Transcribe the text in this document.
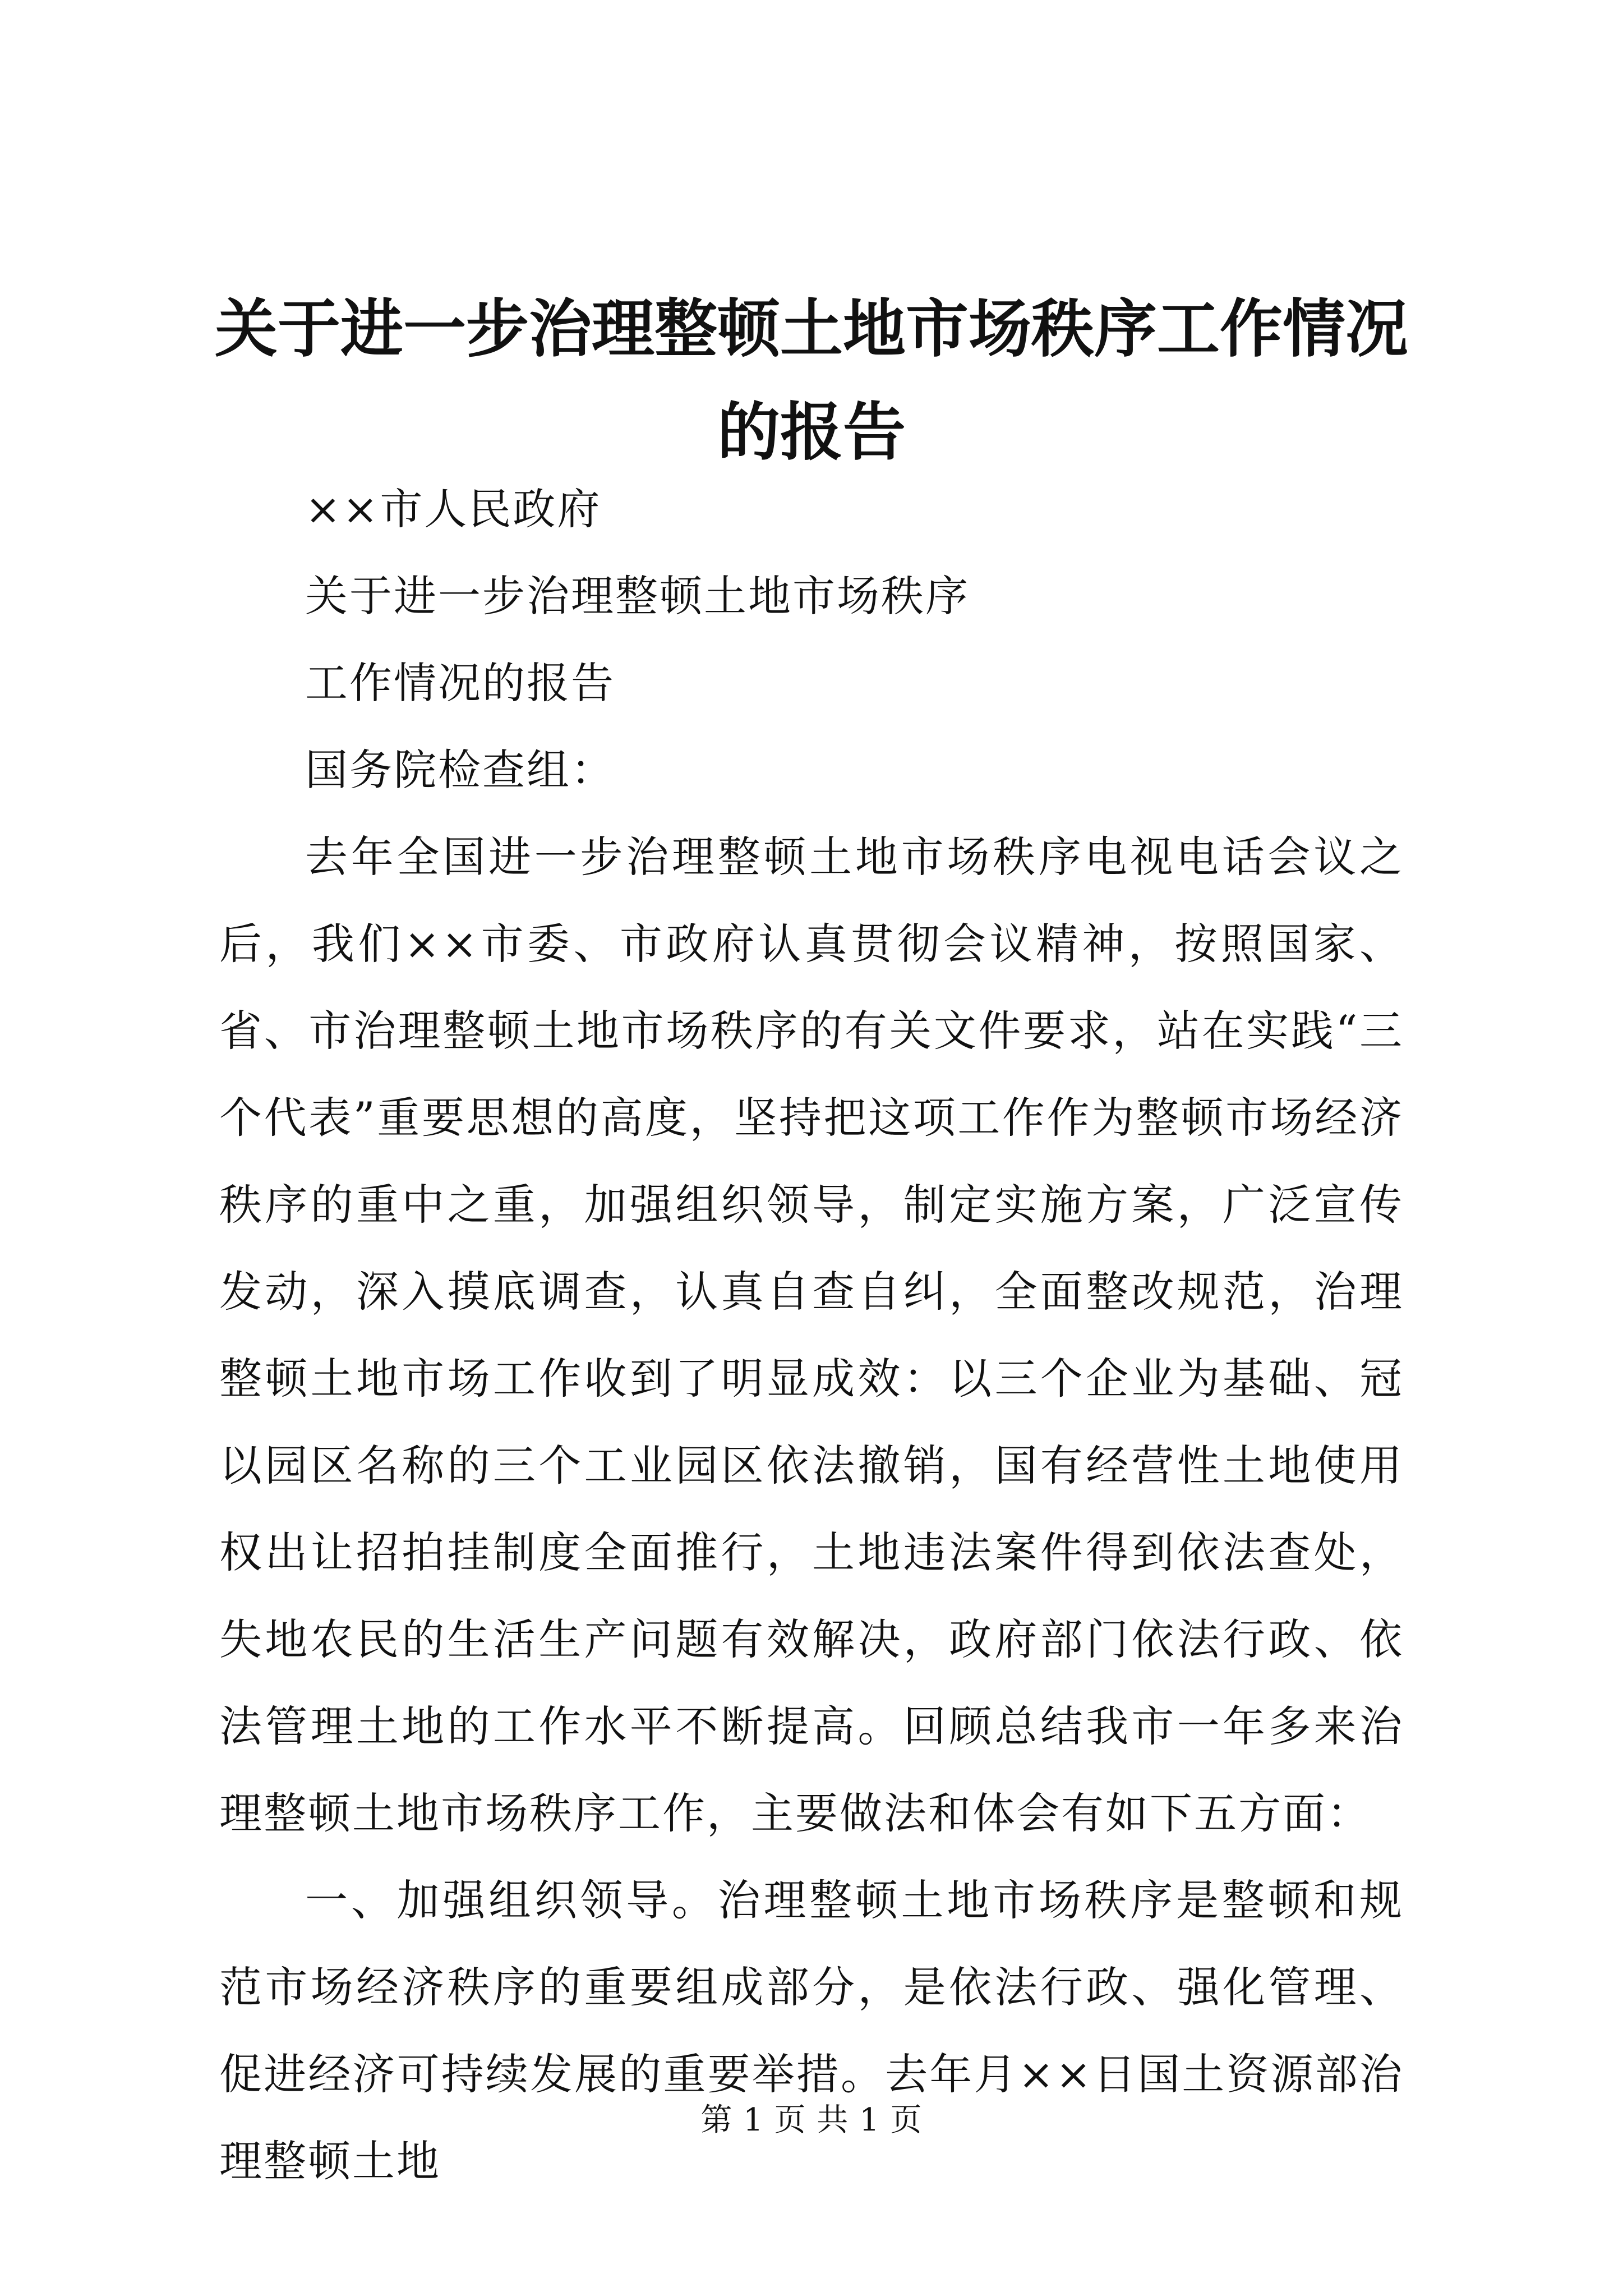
关于进一步治理整顿土地市场秩序工作情况的报告

××市人民政府

关于进一步治理整顿土地市场秩序

工作情况的报告

国务院检查组：

去年全国进一步治理整顿土地市场秩序电视电话会议之后，我们××市委、市政府认真贯彻会议精神，按照国家、省、市治理整顿土地市场秩序的有关文件要求，站在实践“三个代表”重要思想的高度，坚持把这项工作作为整顿市场经济秩序的重中之重，加强组织领导，制定实施方案，广泛宣传发动，深入摸底调查，认真自查自纠，全面整改规范，治理整顿土地市场工作收到了明显成效：以三个企业为基础、冠以园区名称的三个工业园区依法撤销，国有经营性土地使用权出让招拍挂制度全面推行，土地违法案件得到依法查处，失地农民的生活生产问题有效解决，政府部门依法行政、依法管理土地的工作水平不断提高。回顾总结我市一年多来治理整顿土地市场秩序工作，主要做法和体会有如下五方面：

一、加强组织领导。治理整顿土地市场秩序是整顿和规范市场经济秩序的重要组成部分，是依法行政、强化管理、促进经济可持续发展的重要举措。去年月××日国土资源部治理整顿土地

第 1 页 共 1 页
